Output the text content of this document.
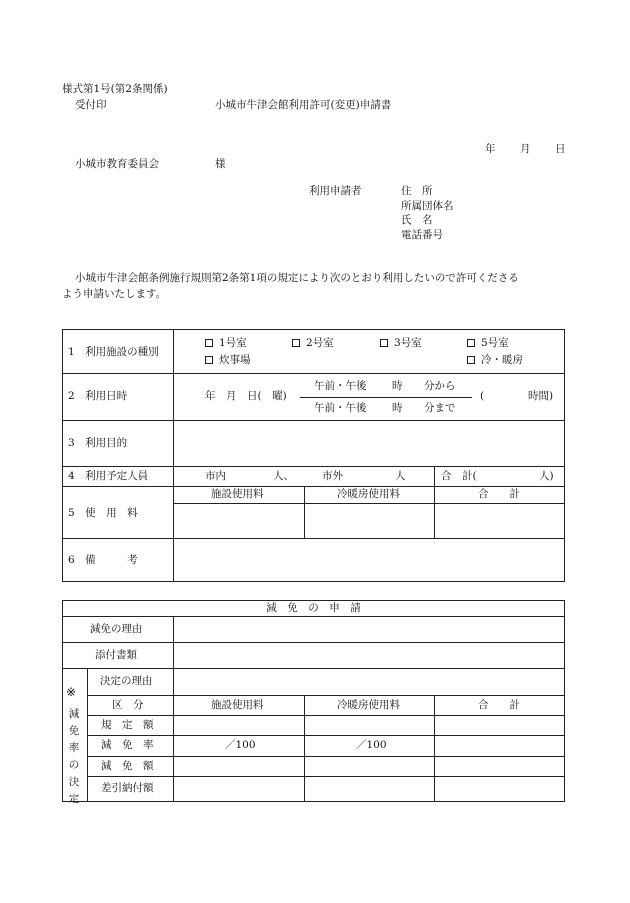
様式第1号(第2条関係)
受付印	小城市牛津会館利用許可(変更)申請書
年 月 日
小城市教育委員会	様
利用申請者	住　所
所属団体名
氏　名
電話番号
小城市牛津会館条例施行規則第2条第1項の規定により次のとおり利用したいので許可くださる
よう申請いたします。
1　利用施設の種別
1号室	2号室	3号室	5号室
炊事場	冷・暖房
2　利用日時	年　月　日(　曜)
午前・午後 時 分から
午前・午後 時 分まで
(	時間)
3　利用目的
4　利用予定人員	市内	人、	市外	人	合　計(	人)
5　使　用　料
施設使用料	冷暖房使用料	合　　計
6　備　　　考
減　免　の　申　請
減免の理由
添付書類
※
減免率の決定
決定の理由
区　分	施設使用料	冷暖房使用料	合　　計
規　定　額
減　免　率	／100	／100
減　免　額
差引納付額
